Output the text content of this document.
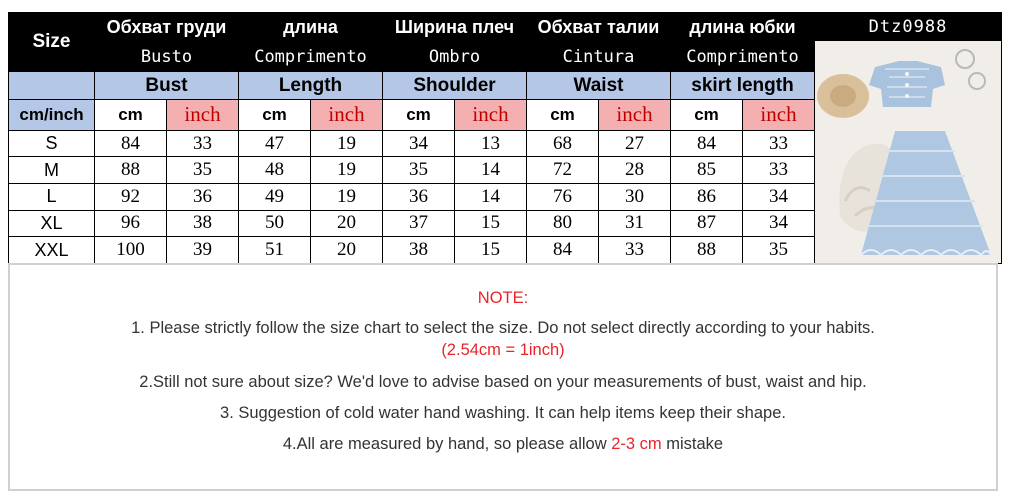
Size	Обхват груди		длина		Ширина плеч		Обхват талии		длина юбки		Dtz0988

	Busto		Comprimento		Ombro		Cintura		Comprimento		
	Bust		Length		Shoulder		Waist		skirt length		
cm/inch	cm	inch	cm	inch	cm	inch	cm	inch	cm	inch	
S	84	33	47	19	34	13	68	27	84	33	
M	88	35	48	19	35	14	72	28	85	33	
L	92	36	49	19	36	14	76	30	86	34	
XL	96	38	50	20	37	15	80	31	87	34	
XXL	100	39	51	20	38	15	84	33	88	35	

NOTE:

1. Please strictly follow the size chart to select the size. Do not select directly according to your habits.

(2.54cm = 1inch)

2.Still not sure about size? We'd love to advise based on your measurements of bust, waist and hip.

3. Suggestion of cold water hand washing. It can help items keep their shape.

4.All are measured by hand, so please allow 2-3 cm mistake
